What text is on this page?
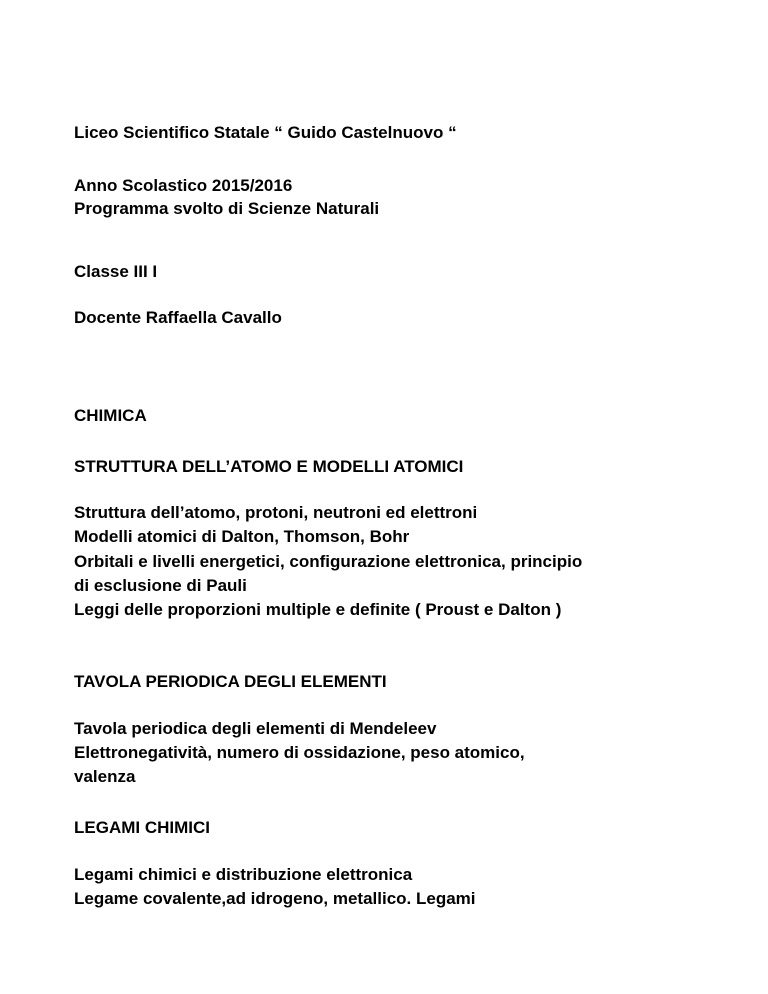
Liceo Scientifico Statale “ Guido Castelnuovo “
Anno Scolastico 2015/2016
Programma svolto di Scienze Naturali
Classe III I
Docente Raffaella Cavallo
CHIMICA
STRUTTURA DELL’ATOMO E MODELLI ATOMICI
Struttura dell’atomo, protoni, neutroni ed elettroni
Modelli atomici di Dalton, Thomson, Bohr
Orbitali e livelli energetici, configurazione elettronica, principio
di esclusione di Pauli
Leggi delle proporzioni multiple e definite ( Proust e Dalton )
TAVOLA PERIODICA DEGLI ELEMENTI
Tavola periodica degli elementi di Mendeleev
Elettronegatività, numero di ossidazione, peso atomico,
valenza
LEGAMI CHIMICI
Legami chimici e distribuzione elettronica
Legame covalente,ad idrogeno, metallico. Legami
